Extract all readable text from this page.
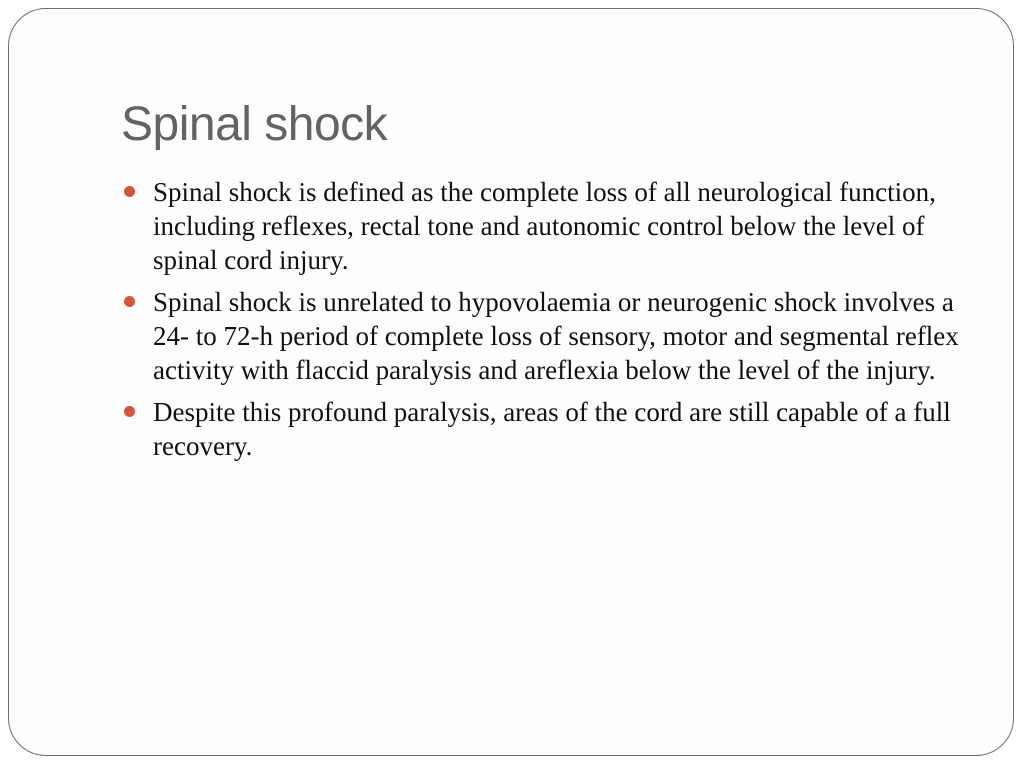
Spinal shock
Spinal shock is defined as the complete loss of all neurological function, including reflexes, rectal tone and autonomic control below the level of spinal cord injury.
Spinal shock is unrelated to hypovolaemia or neurogenic shock involves a 24- to 72-h period of complete loss of sensory, motor and segmental reflex activity with flaccid paralysis and areflexia below the level of the injury.
Despite this profound paralysis, areas of the cord are still capable of a full recovery.
